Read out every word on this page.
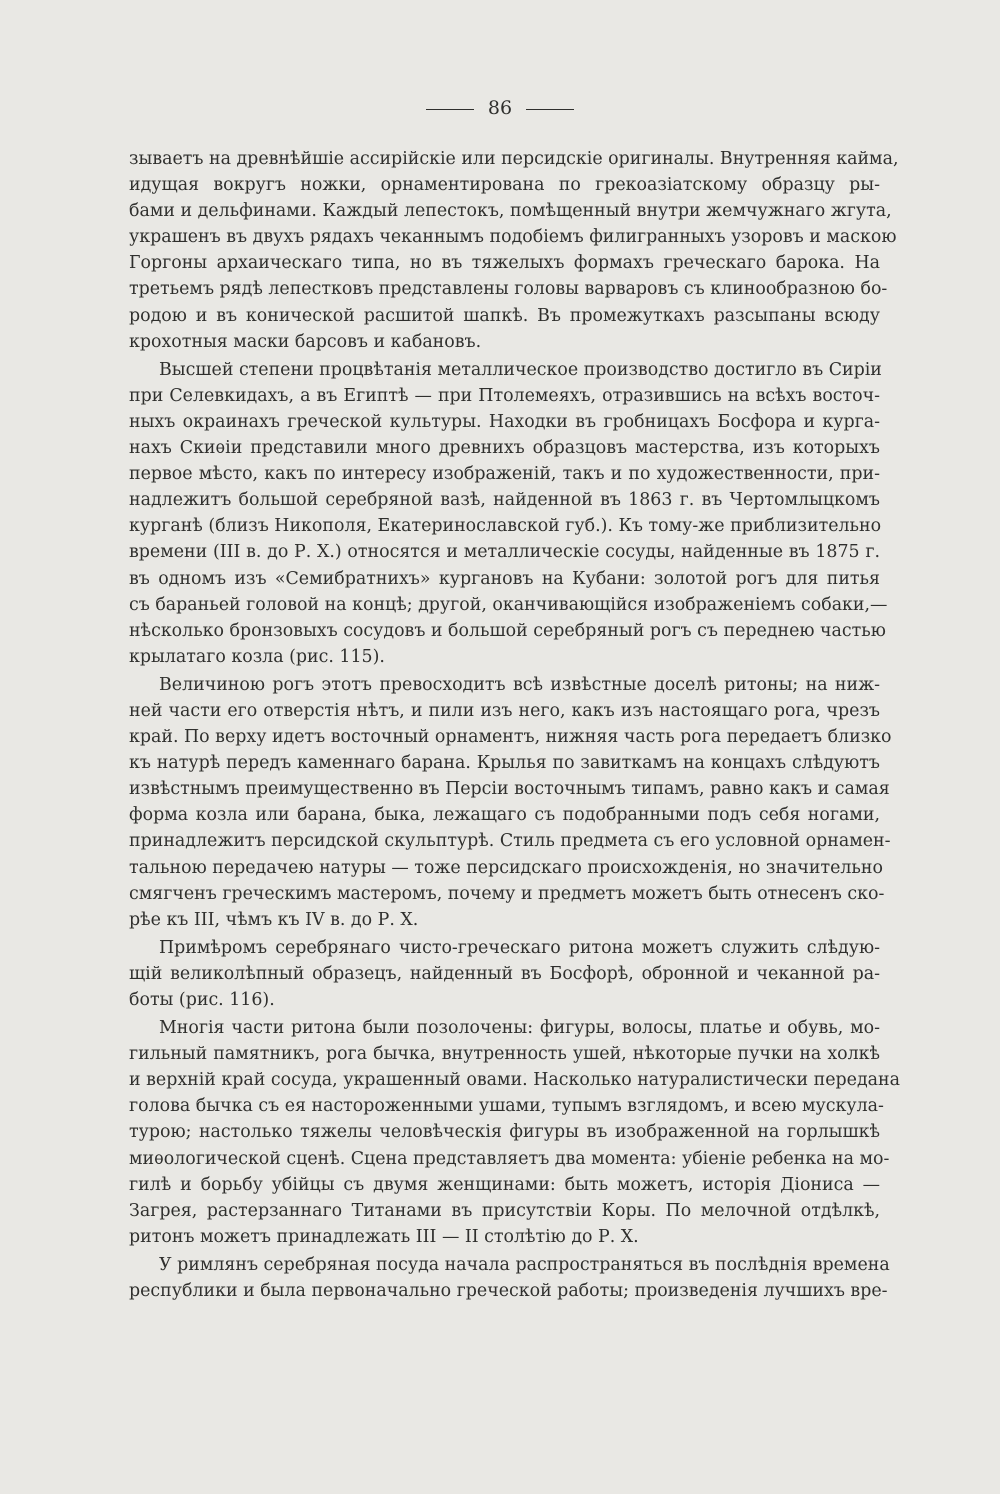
86
зываетъ на древнѣйшіе ассирійскіе или персидскіе оригиналы. Внутренняя кайма,
идущая вокругъ ножки, орнаментирована по грекоазіатскому образцу ры-
бами и дельфинами. Каждый лепестокъ, помѣщенный внутри жемчужнаго жгута,
украшенъ въ двухъ рядахъ чеканнымъ подобіемъ филигранныхъ узоровъ и маскою
Горгоны архаическаго типа, но въ тяжелыхъ формахъ греческаго барока. На
третьемъ рядѣ лепестковъ представлены головы варваровъ съ клинообразною бо-
родою и въ конической расшитой шапкѣ. Въ промежуткахъ разсыпаны всюду
крохотныя маски барсовъ и кабановъ.
Высшей степени процвѣтанія металлическое производство достигло въ Сиріи
при Селевкидахъ, а въ Египтѣ — при Птолемеяхъ, отразившись на всѣхъ восточ-
ныхъ окраинахъ греческой культуры. Находки въ гробницахъ Босфора и курга-
нахъ Скиѳіи представили много древнихъ образцовъ мастерства, изъ которыхъ
первое мѣсто, какъ по интересу изображеній, такъ и по художественности, при-
надлежитъ большой серебряной вазѣ, найденной въ 1863 г. въ Чертомлыцкомъ
курганѣ (близъ Никополя, Екатеринославской губ.). Къ тому-же приблизительно
времени (III в. до Р. Х.) относятся и металлическіе сосуды, найденные въ 1875 г.
въ одномъ изъ «Семибратнихъ» кургановъ на Кубани: золотой рогъ для питья
съ бараньей головой на концѣ; другой, оканчивающійся изображеніемъ собаки,—
нѣсколько бронзовыхъ сосудовъ и большой серебряный рогъ съ переднею частью
крылатаго козла (рис. 115).
Величиною рогъ этотъ превосходитъ всѣ извѣстные доселѣ ритоны; на ниж-
ней части его отверстія нѣтъ, и пили изъ него, какъ изъ настоящаго рога, чрезъ
край. По верху идетъ восточный орнаментъ, нижняя часть рога передаетъ близко
къ натурѣ передъ каменнаго барана. Крылья по завиткамъ на концахъ слѣдуютъ
извѣстнымъ преимущественно въ Персіи восточнымъ типамъ, равно какъ и самая
форма козла или барана, быка, лежащаго съ подобранными подъ себя ногами,
принадлежитъ персидской скульптурѣ. Стиль предмета съ его условной орнамен-
тальною передачею натуры — тоже персидскаго происхожденія, но значительно
смягченъ греческимъ мастеромъ, почему и предметъ можетъ быть отнесенъ ско-
рѣе къ III, чѣмъ къ IV в. до Р. Х.
Примѣромъ серебрянаго чисто-греческаго ритона можетъ служить слѣдую-
щій великолѣпный образецъ, найденный въ Босфорѣ, обронной и чеканной ра-
боты (рис. 116).
Многія части ритона были позолочены: фигуры, волосы, платье и обувь, мо-
гильный памятникъ, рога бычка, внутренность ушей, нѣкоторые пучки на холкѣ
и верхній край сосуда, украшенный овами. Насколько натуралистически передана
голова бычка съ ея настороженными ушами, тупымъ взглядомъ, и всею мускула-
турою; настолько тяжелы человѣческія фигуры въ изображенной на горлышкѣ
миѳологической сценѣ. Сцена представляетъ два момента: убіеніе ребенка на мо-
гилѣ и борьбу убійцы съ двумя женщинами: быть можетъ, исторія Діониса —
Загрея, растерзаннаго Титанами въ присутствіи Коры. По мелочной отдѣлкѣ,
ритонъ можетъ принадлежать III — II столѣтію до Р. Х.
У римлянъ серебряная посуда начала распространяться въ послѣднія времена
республики и была первоначально греческой работы; произведенія лучшихъ вре-
